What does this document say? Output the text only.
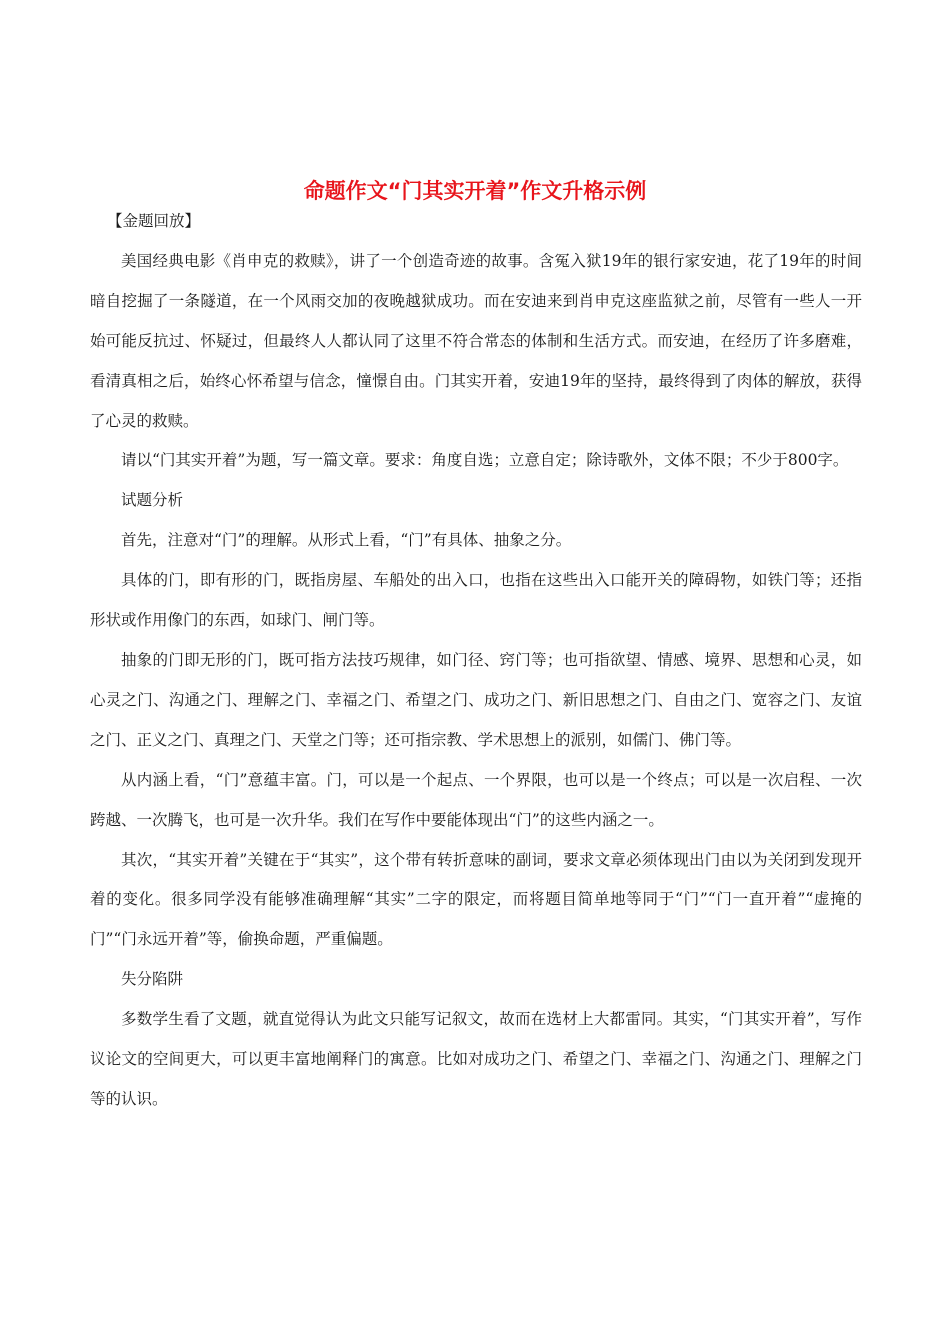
命题作文“门其实开着”作文升格示例

【金题回放】

美国经典电影《肖申克的救赎》，讲了一个创造奇迹的故事。含冤入狱19年的银行家安迪，花了19年的时间暗自挖掘了一条隧道，在一个风雨交加的夜晚越狱成功。而在安迪来到肖申克这座监狱之前，尽管有一些人一开始可能反抗过、怀疑过，但最终人人都认同了这里不符合常态的体制和生活方式。而安迪，在经历了许多磨难，看清真相之后，始终心怀希望与信念，憧憬自由。门其实开着，安迪19年的坚持，最终得到了肉体的解放，获得了心灵的救赎。

请以“门其实开着”为题，写一篇文章。要求：角度自选；立意自定；除诗歌外，文体不限；不少于800字。

试题分析

首先，注意对“门”的理解。从形式上看，“门”有具体、抽象之分。

具体的门，即有形的门，既指房屋、车船处的出入口，也指在这些出入口能开关的障碍物，如铁门等；还指形状或作用像门的东西，如球门、闸门等。

抽象的门即无形的门，既可指方法技巧规律，如门径、窍门等；也可指欲望、情感、境界、思想和心灵，如心灵之门、沟通之门、理解之门、幸福之门、希望之门、成功之门、新旧思想之门、自由之门、宽容之门、友谊之门、正义之门、真理之门、天堂之门等；还可指宗教、学术思想上的派别，如儒门、佛门等。

从内涵上看，“门”意蕴丰富。门，可以是一个起点、一个界限，也可以是一个终点；可以是一次启程、一次跨越、一次腾飞，也可是一次升华。我们在写作中要能体现出“门”的这些内涵之一。

其次，“其实开着”关键在于“其实”，这个带有转折意味的副词，要求文章必须体现出门由以为关闭到发现开着的变化。很多同学没有能够准确理解“其实”二字的限定，而将题目简单地等同于“门”“门一直开着”“虚掩的门”“门永远开着”等，偷换命题，严重偏题。

失分陷阱

多数学生看了文题，就直觉得认为此文只能写记叙文，故而在选材上大都雷同。其实，“门其实开着”，写作议论文的空间更大，可以更丰富地阐释门的寓意。比如对成功之门、希望之门、幸福之门、沟通之门、理解之门等的认识。
